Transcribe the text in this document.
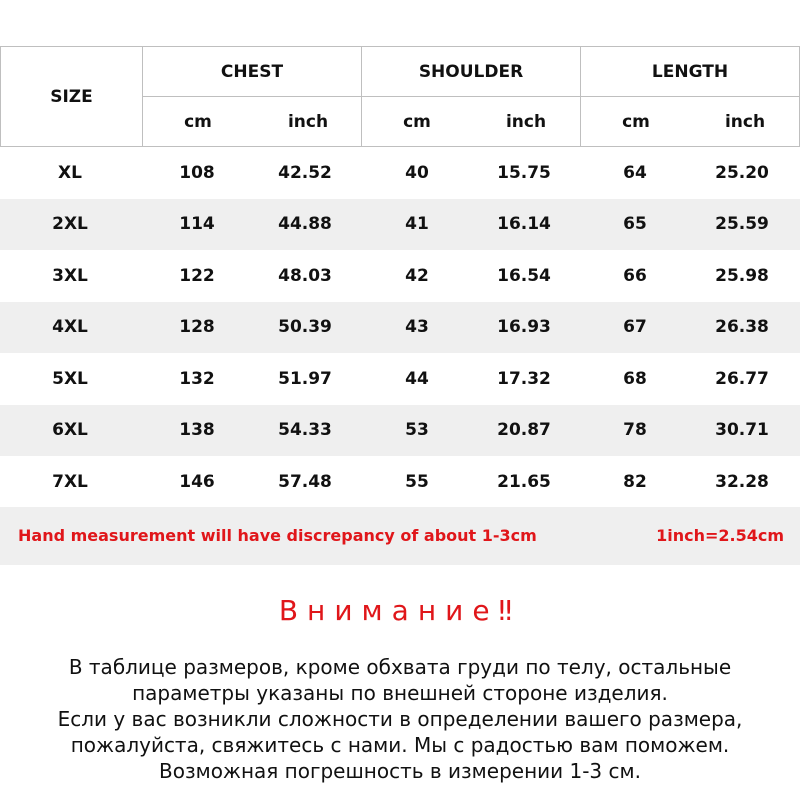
SIZE
CHEST
cm	inch
SHOULDER
cm	inch
LENGTH
cm	inch
XL	108	42.52	40	15.75	64	25.20
2XL	114	44.88	41	16.14	65	25.59
3XL	122	48.03	42	16.54	66	25.98
4XL	128	50.39	43	16.93	67	26.38
5XL	132	51.97	44	17.32	68	26.77
6XL	138	54.33	53	20.87	78	30.71
7XL	146	57.48	55	21.65	82	32.28
Hand measurement will have discrepancy of about 1-3cm	1inch=2.54cm
Внимание‼
В таблице размеров, кроме обхвата груди по телу, остальные
параметры указаны по внешней стороне изделия.
Если у вас возникли сложности в определении вашего размера,
пожалуйста, свяжитесь с нами. Мы с радостью вам поможем.
Возможная погрешность в измерении 1-3 см.
